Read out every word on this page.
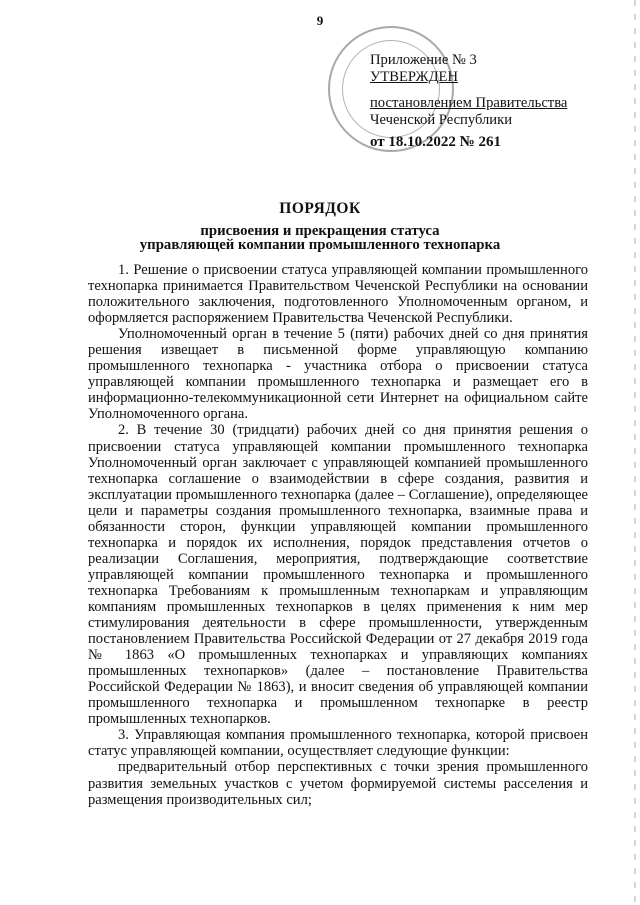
9
Приложение № 3
УТВЕРЖДЕН
постановлением Правительства
Чеченской Республики
от 18.10.2022 № 261
ПОРЯДОК
присвоения и прекращения статуса
управляющей компании промышленного технопарка

1. Решение о присвоении статуса управляющей компании промышленного технопарка принимается Правительством Чеченской Республики на основании положительного заключения, подготовленного Уполномоченным органом, и оформляется распоряжением Правительства Чеченской Республики.

Уполномоченный орган в течение 5 (пяти) рабочих дней со дня принятия решения извещает в письменной форме управляющую компанию промышленного технопарка - участника отбора о присвоении статуса управляющей компании промышленного технопарка и размещает его в информационно-телекоммуникационной сети Интернет на официальном сайте Уполномоченного органа.

2. В течение 30 (тридцати) рабочих дней со дня принятия решения о присвоении статуса управляющей компании промышленного технопарка Уполномоченный орган заключает с управляющей компанией промышленного технопарка соглашение о взаимодействии в сфере создания, развития и эксплуатации промышленного технопарка (далее – Соглашение), определяющее цели и параметры создания промышленного технопарка, взаимные права и обязанности сторон, функции управляющей компании промышленного технопарка и порядок их исполнения, порядок представления отчетов о реализации Соглашения, мероприятия, подтверждающие соответствие управляющей компании промышленного технопарка и промышленного технопарка Требованиям к промышленным технопаркам и управляющим компаниям промышленных технопарков в целях применения к ним мер стимулирования деятельности в сфере промышленности, утвержденным постановлением Правительства Российской Федерации от 27 декабря 2019 года № 1863 «О промышленных технопарках и управляющих компаниях промышленных технопарков» (далее – постановление Правительства Российской Федерации № 1863), и вносит сведения об управляющей компании промышленного технопарка и промышленном технопарке в реестр промышленных технопарков.

3. Управляющая компания промышленного технопарка, которой присвоен статус управляющей компании, осуществляет следующие функции:

предварительный отбор перспективных с точки зрения промышленного развития земельных участков с учетом формируемой системы расселения и размещения производительных сил;
